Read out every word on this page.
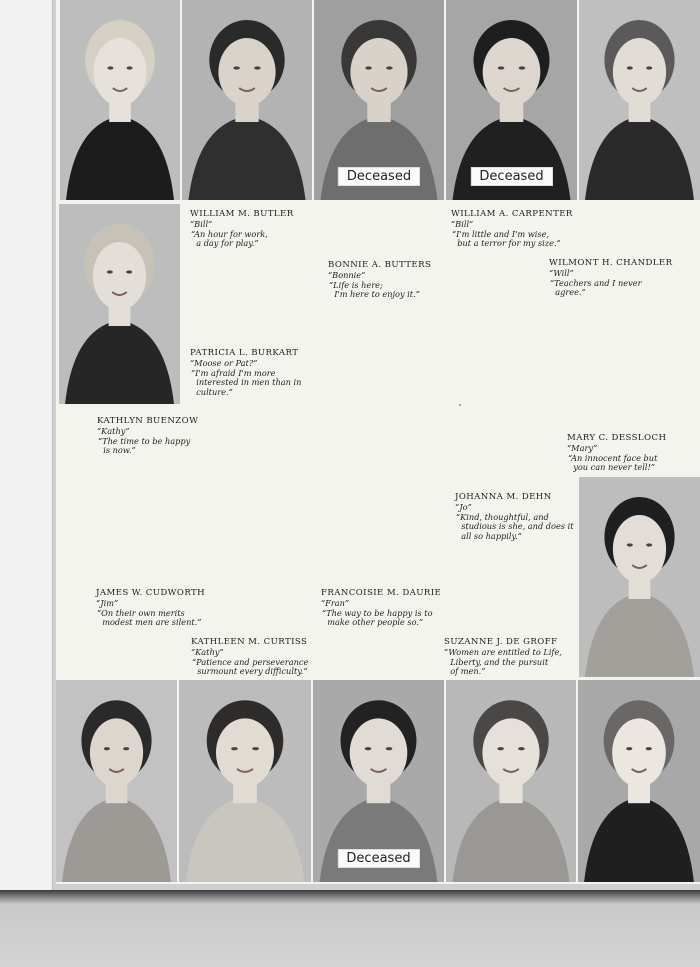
Deceased	Deceased
Deceased
WILLIAM M. BUTLER
“Bill”
“An hour for work,
a day for play.”
WILLIAM A. CARPENTER
“Bill”
“I'm little and I'm wise,
but a terror for my size.”
BONNIE A. BUTTERS
“Bonnie”
“Life is here;
I'm here to enjoy it.”
WILMONT H. CHANDLER
“Will”
“Teachers and I never
agree.”
PATRICIA L. BURKART
“Moose or Pat?”
“I'm afraid I'm more
interested in men than in
culture.”
KATHLYN BUENZOW
“Kathy”
“The time to be happy
is now.”
MARY C. DESSLOCH
“Mary”
“An innocent face but
you can never tell!”
JOHANNA M. DEHN
“Jo”
“Kind, thoughtful, and
studious is she, and does it
all so happily.”
JAMES W. CUDWORTH
“Jim”
“On their own merits
modest men are silent.”
FRANCOISIE M. DAURIE
“Fran”
“The way to be happy is to
make other people so.”
KATHLEEN M. CURTISS
“Kathy”
“Patience and perseverance
surmount every difficulty.”
SUZANNE J. DE GROFF
“Women are entitled to Life,
Liberty, and the pursuit
of men.”
